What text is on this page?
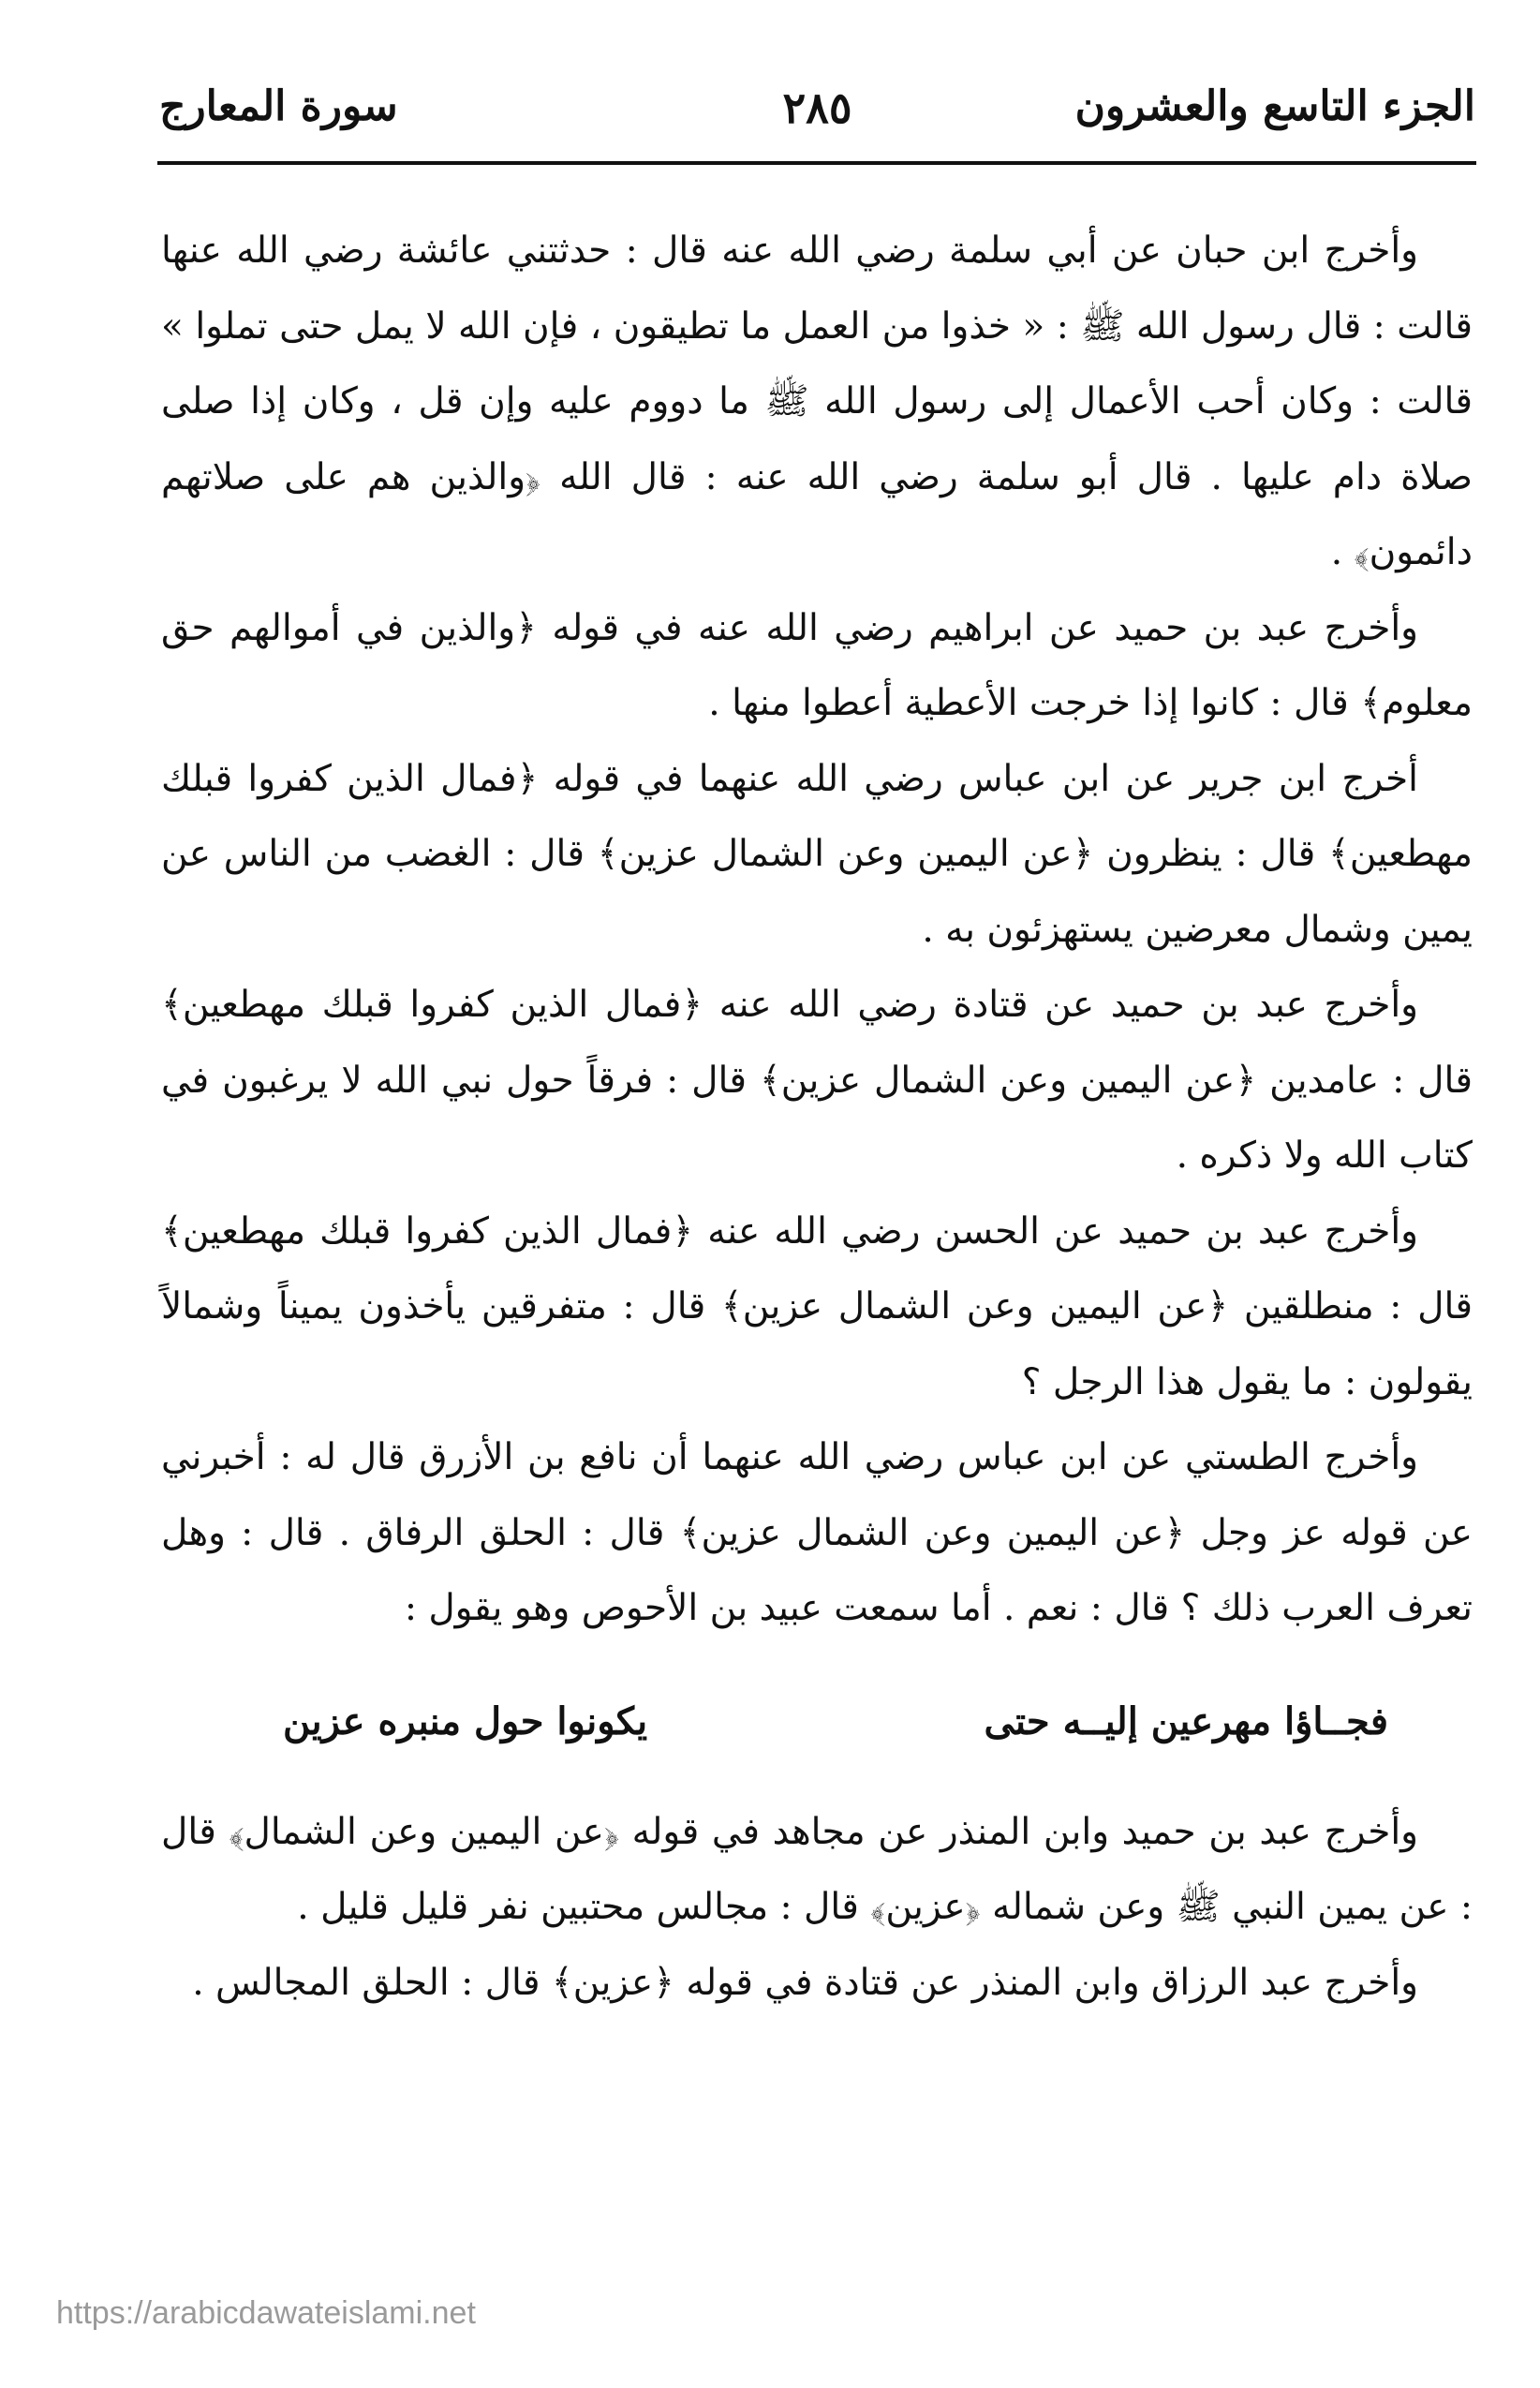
الجزء التاسع والعشرون
٢٨٥
سورة المعارج

وأخرج ابن حبان عن أبي سلمة رضي الله عنه قال : حدثتني عائشة رضي الله عنها قالت : قال رسول الله ﷺ : « خذوا من العمل ما تطيقون ، فإن الله لا يمل حتى تملوا » قالت : وكان أحب الأعمال إلى رسول الله ﷺ ما دووم عليه وإن قل ، وكان إذا صلى صلاة دام عليها . قال أبو سلمة رضي الله عنه : قال الله ﴿والذين هم على صلاتهم دائمون﴾ .

وأخرج عبد بن حميد عن ابراهيم رضي الله عنه في قوله ﴿والذين في أموالهم حق معلوم﴾ قال : كانوا إذا خرجت الأعطية أعطوا منها .

أخرج ابن جرير عن ابن عباس رضي الله عنهما في قوله ﴿فمال الذين كفروا قبلك مهطعين﴾ قال : ينظرون ﴿عن اليمين وعن الشمال عزين﴾ قال : الغضب من الناس عن يمين وشمال معرضين يستهزئون به .

وأخرج عبد بن حميد عن قتادة رضي الله عنه ﴿فمال الذين كفروا قبلك مهطعين﴾ قال : عامدين ﴿عن اليمين وعن الشمال عزين﴾ قال : فرقاً حول نبي الله لا يرغبون في كتاب الله ولا ذكره .

وأخرج عبد بن حميد عن الحسن رضي الله عنه ﴿فمال الذين كفروا قبلك مهطعين﴾ قال : منطلقين ﴿عن اليمين وعن الشمال عزين﴾ قال : متفرقين يأخذون يميناً وشمالاً يقولون : ما يقول هذا الرجل ؟

وأخرج الطستي عن ابن عباس رضي الله عنهما أن نافع بن الأزرق قال له : أخبرني عن قوله عز وجل ﴿عن اليمين وعن الشمال عزين﴾ قال : الحلق الرفاق . قال : وهل تعرف العرب ذلك ؟ قال : نعم . أما سمعت عبيد بن الأحوص وهو يقول :

فجــاؤا مهرعين إليــه حتى
يكونوا حول منبره عزين

وأخرج عبد بن حميد وابن المنذر عن مجاهد في قوله ﴿عن اليمين وعن الشمال﴾ قال : عن يمين النبي ﷺ وعن شماله ﴿عزين﴾ قال : مجالس محتبين نفر قليل قليل .

وأخرج عبد الرزاق وابن المنذر عن قتادة في قوله ﴿عزين﴾ قال : الحلق المجالس .

https://arabicdawateislami.net
